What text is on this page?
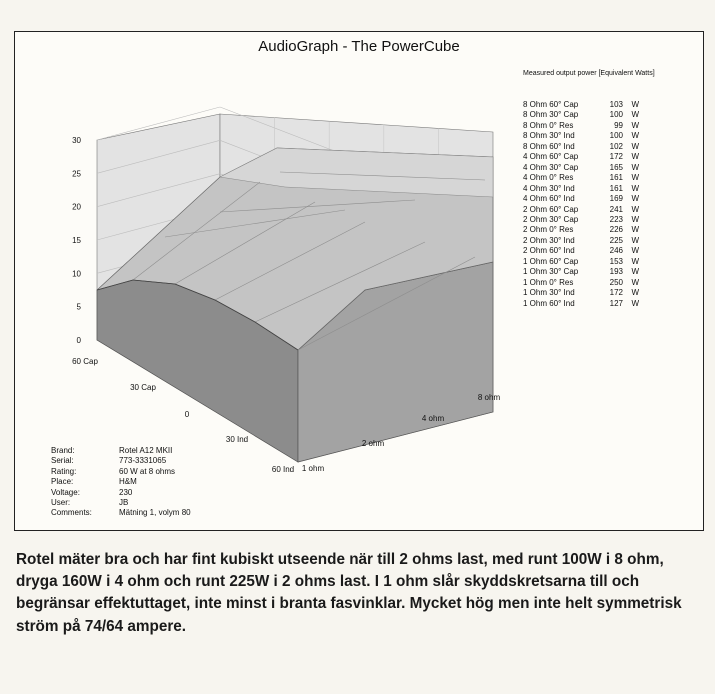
AudioGraph - The PowerCube
0
5
10
15
20
25
30
60 Cap
30 Cap
0
30 Ind
60 Ind 1 ohm
2 ohm
4 ohm
8 ohm
Measured output power [Equivalent Watts]
8 Ohm 60° Cap	103 W
8 Ohm 30° Cap	100 W
8 Ohm 0° Res	99 W
8 Ohm 30° Ind	100 W
8 Ohm 60° Ind	102 W
4 Ohm 60° Cap	172 W
4 Ohm 30° Cap	165 W
4 Ohm 0° Res	161 W
4 Ohm 30° Ind	161 W
4 Ohm 60° Ind	169 W
2 Ohm 60° Cap	241 W
2 Ohm 30° Cap	223 W
2 Ohm 0° Res	226 W
2 Ohm 30° Ind	225 W
2 Ohm 60° Ind	246 W
1 Ohm 60° Cap	153 W
1 Ohm 30° Cap	193 W
1 Ohm 0° Res	250 W
1 Ohm 30° Ind	172 W
1 Ohm 60° Ind	127 W
Brand:	Rotel A12 MKII
Serial:	773-3331065
Rating:	60 W at 8 ohms
Place:	H&M
Voltage:	230
User:	JB
Comments:	Mätning 1, volym 80
Rotel mäter bra och har fint kubiskt utseende när till 2 ohms last, med runt 100W i 8 ohm, dryga 160W i 4 ohm och runt 225W i 2 ohms last. I 1 ohm slår skyddskretsarna till och begränsar effektuttaget, inte minst i branta fasvinklar. Mycket hög men inte helt symmetrisk ström på 74/64 ampere.
